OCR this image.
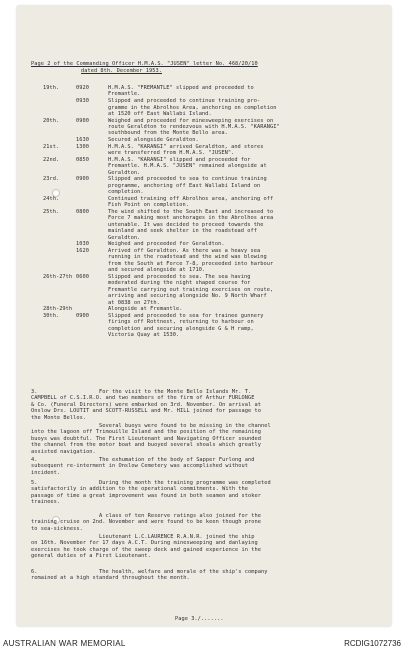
Page 2 of the Commanding Officer H.M.A.S. "JUSEN" letter No. 468/20/10
dated 8th. December 1953.
19th.	0920	H.M.A.S. "FREMANTLE" slipped and proceeded to
Fremantle.
0930	Slipped and proceeded to continue training pro-
gramme in the Abrolhos Area, anchoring on completion
at 1520 off East Wallabi Island.
20th.	0900	Weighed and proceeded for minesweeping exercises on
route Geraldton to rendezvous with H.M.A.S. "KARANGI"
southbound from the Monte Bello area.
1630	Secured alongside Geraldton.
21st.	1300	H.M.A.S. "KARANGI" arrived Geraldton, and stores
were transferred from H.M.A.S. "JUSEN".
22nd.	0850	H.M.A.S. "KARANGI" slipped and proceeded for
Fremantle. H.M.A.S. "JUSEN" remained alongside at
Geraldton.
23rd.	0900	Slipped and proceeded to sea to continue training
programme, anchoring off East Wallabi Island on
completion.
24th.	Continued training off Abrolhos area, anchoring off
Fish Point on completion.
25th.	0800	The wind shifted to the South East and increased to
Force 7 making most anchorages in the Abrolhos area
untenable. It was decided to proceed towards the
mainland and seek shelter in the roadstead off
Geraldton.
1030	Weighed and proceeded for Geraldton.
1620	Arrived off Geraldton. As there was a heavy sea
running in the roadstead and the wind was blowing
from the South at Force 7-8, proceeded into harbour
and secured alongside at 1710.
26th-27th 0600	Slipped and proceeded to sea. The sea having
moderated during the night shaped course for
Fremantle carrying out training exercises on route,
arriving and securing alongside No. 9 North Wharf
at 0838 on 27th.
28th-29th	Alongside at Fremantle.
30th.	0900	Slipped and proceeded to sea for trainee gunnery
firings off Rottnest, returning to harbour on
completion and securing alongside G & H ramp,
Victoria Quay at 1530.
3.                   For the visit to the Monte Bello Islands Mr. T.
CAMPBELL of C.S.I.R.O. and two members of the firm of Arthur FURLONGE
& Co. (Funeral Directors) were embarked on 3rd. November. On arrival at
Onslow Drs. LOUTIT and SCOTT-RUSSELL and Mr. HILL joined for passage to
the Monte Bellos.
Several buoys were found to be missing in the channel
into the lagoon off Trimouille Island and the position of the remaining
buoys was doubtful. The First Lieutenant and Navigating Officer sounded
the channel from the motor boat and buoyed several shoals which greatly
assisted navigation.
4.                   The exhumation of the body of Sapper Furlong and
subsequent re-interment in Onslow Cemetery was accomplished without
incident.
5.                   During the month the training programme was completed
satisfactorily in addition to the operational commitments. With the
passage of time a great improvement was found in both seamen and stoker
trainees.
A class of ten Reserve ratings also joined for the
training cruise on 2nd. November and were found to be keen though prone
to sea-sickness.
Lieutenant L.C.LAURENCE R.A.N.R. joined the ship
on 16th. November for 17 days A.C.T. During minesweeping and danlaying
exercises he took charge of the sweep deck and gained experience in the
general duties of a First Lieutenant.
6.                   The health, welfare and morale of the ship's company
remained at a high standard throughout the month.
Page 3./.......
AUSTRALIAN WAR MEMORIAL	RCDIG1072736
